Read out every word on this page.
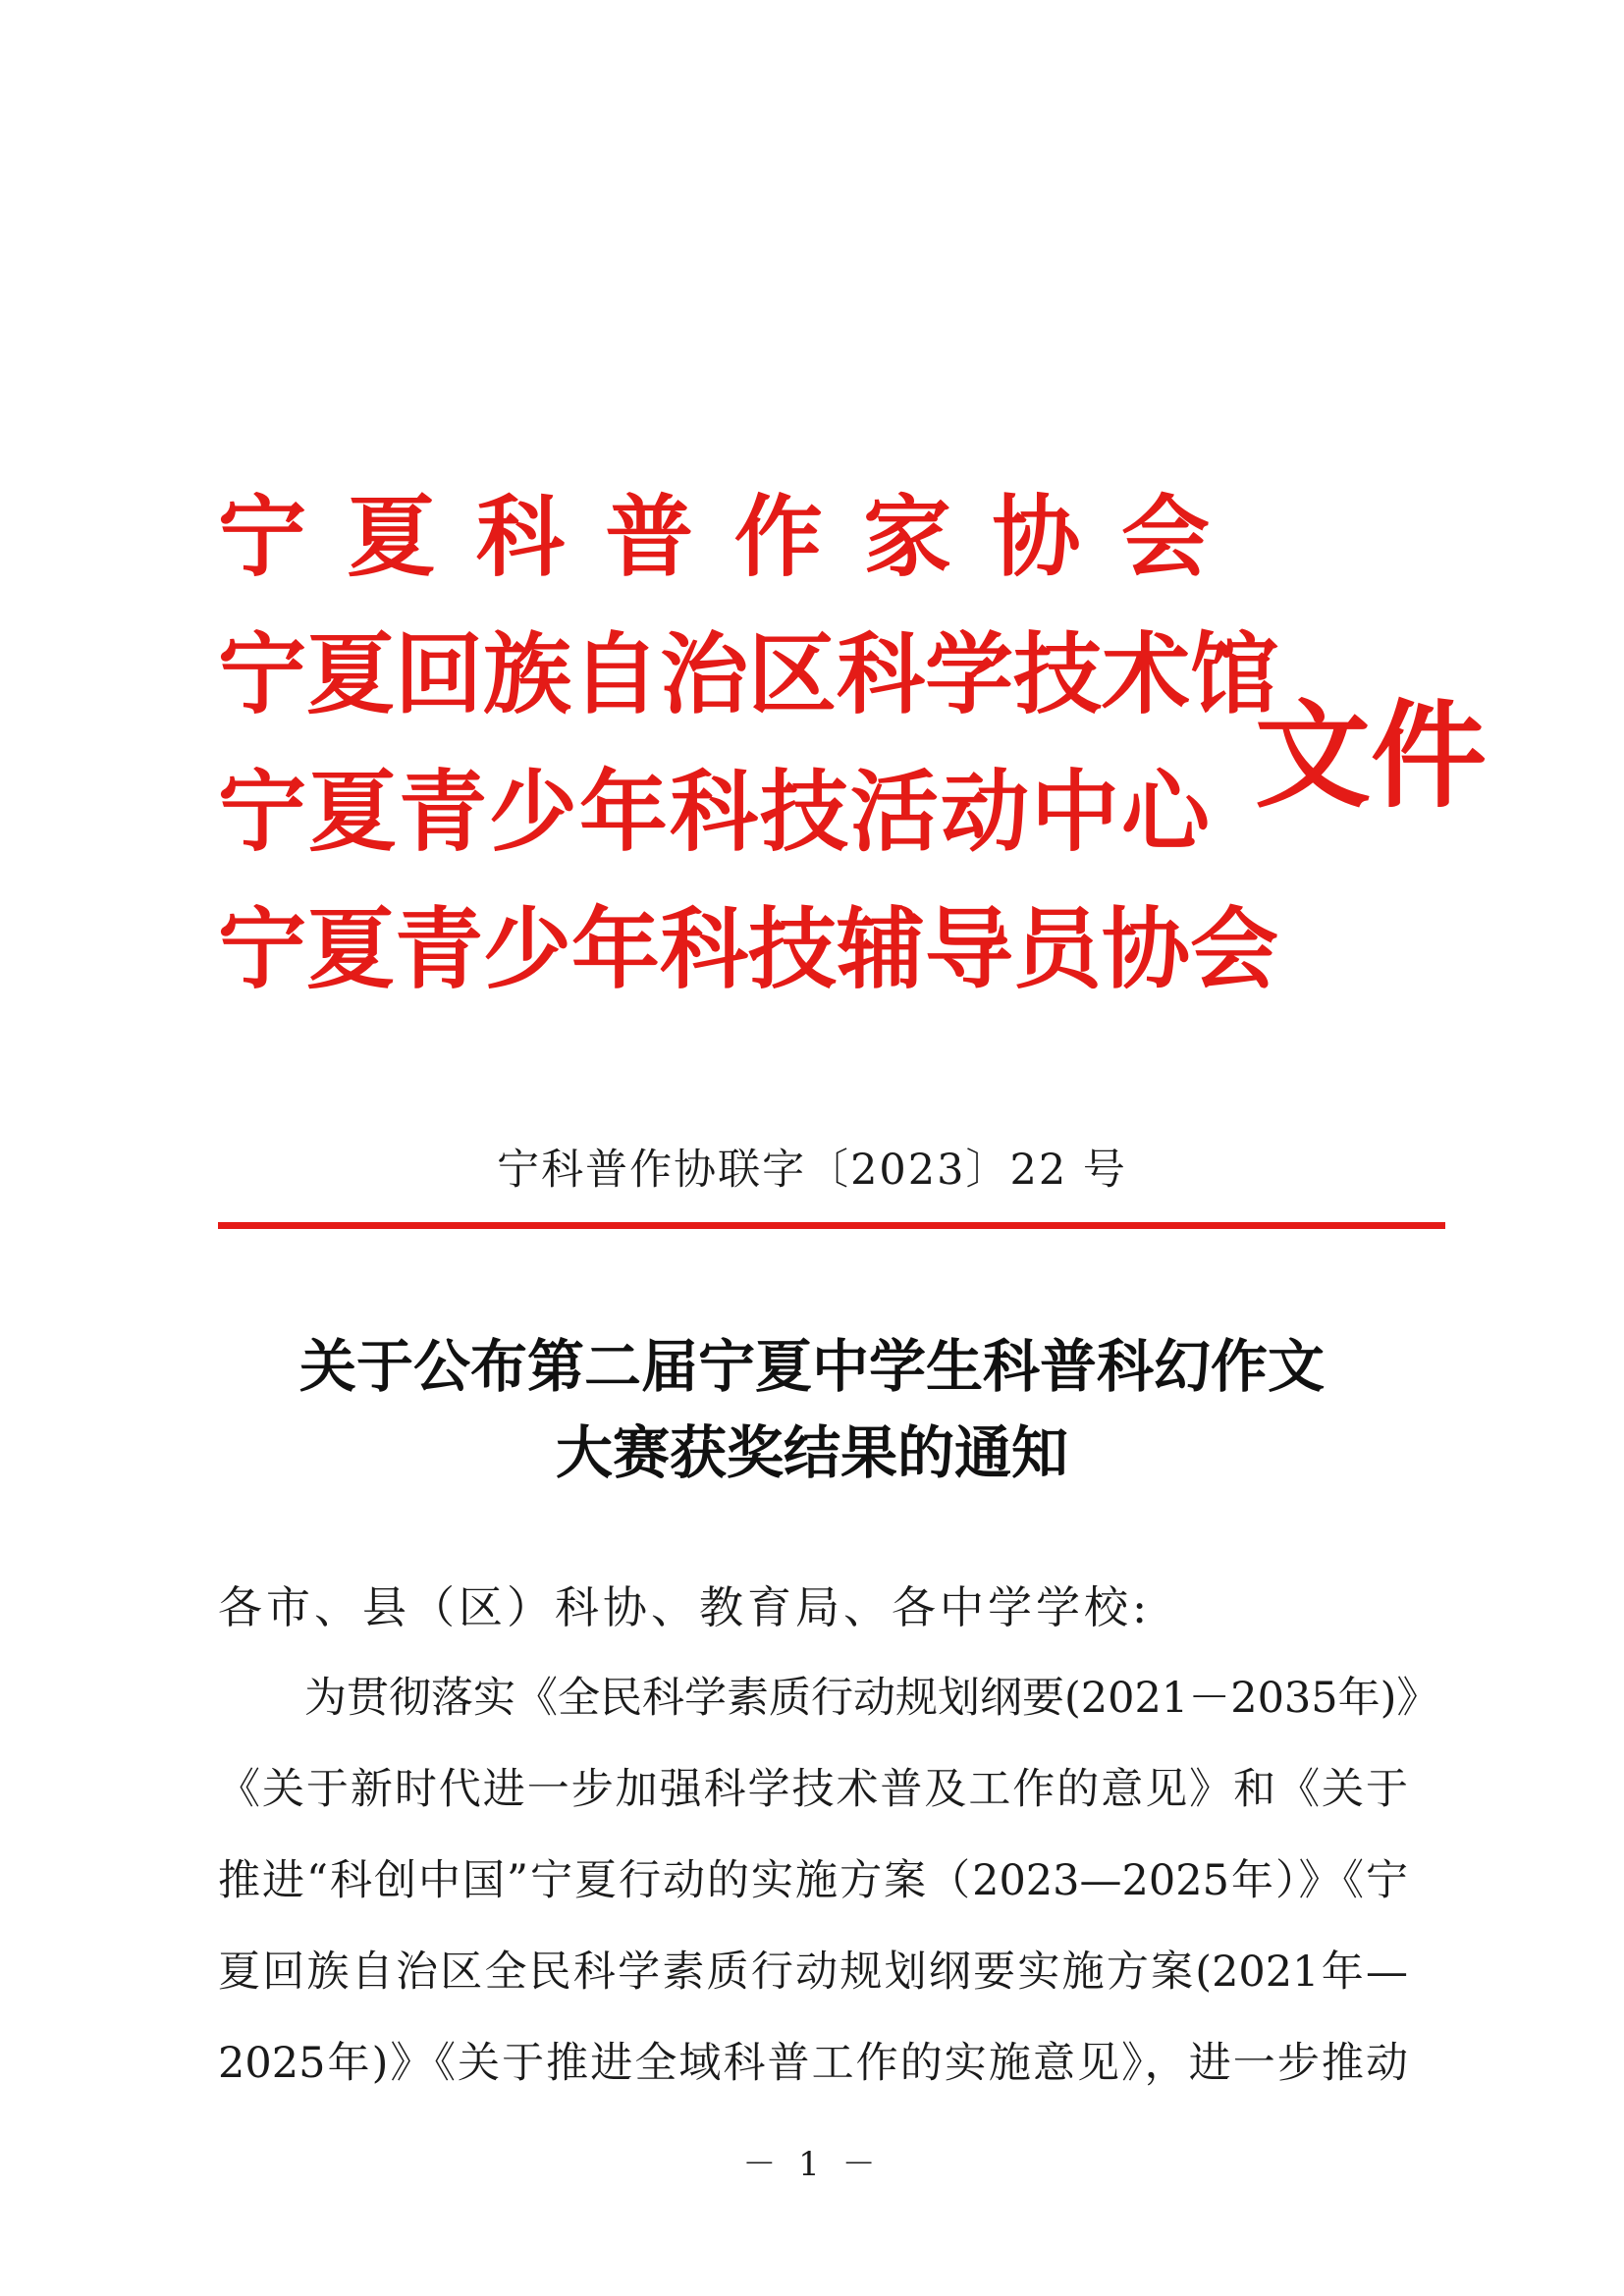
宁 夏 科 普 作 家 协 会
宁夏回族自治区科学技术馆
宁夏青少年科技活动中心
宁夏青少年科技辅导员协会
文件
宁科普作协联字〔2023〕22 号
关于公布第二届宁夏中学生科普科幻作文
大赛获奖结果的通知
各市、县（区）科协、教育局、各中学学校:
为贯彻落实《全民科学素质行动规划纲要(2021－2035年)》
《关于新时代进一步加强科学技术普及工作的意见》和《关于
推进“科创中国”宁夏行动的实施方案（2023—2025年）》《宁
夏回族自治区全民科学素质行动规划纲要实施方案(2021年—
2025年)》《关于推进全域科普工作的实施意见》，进一步推动
－ 1 －
